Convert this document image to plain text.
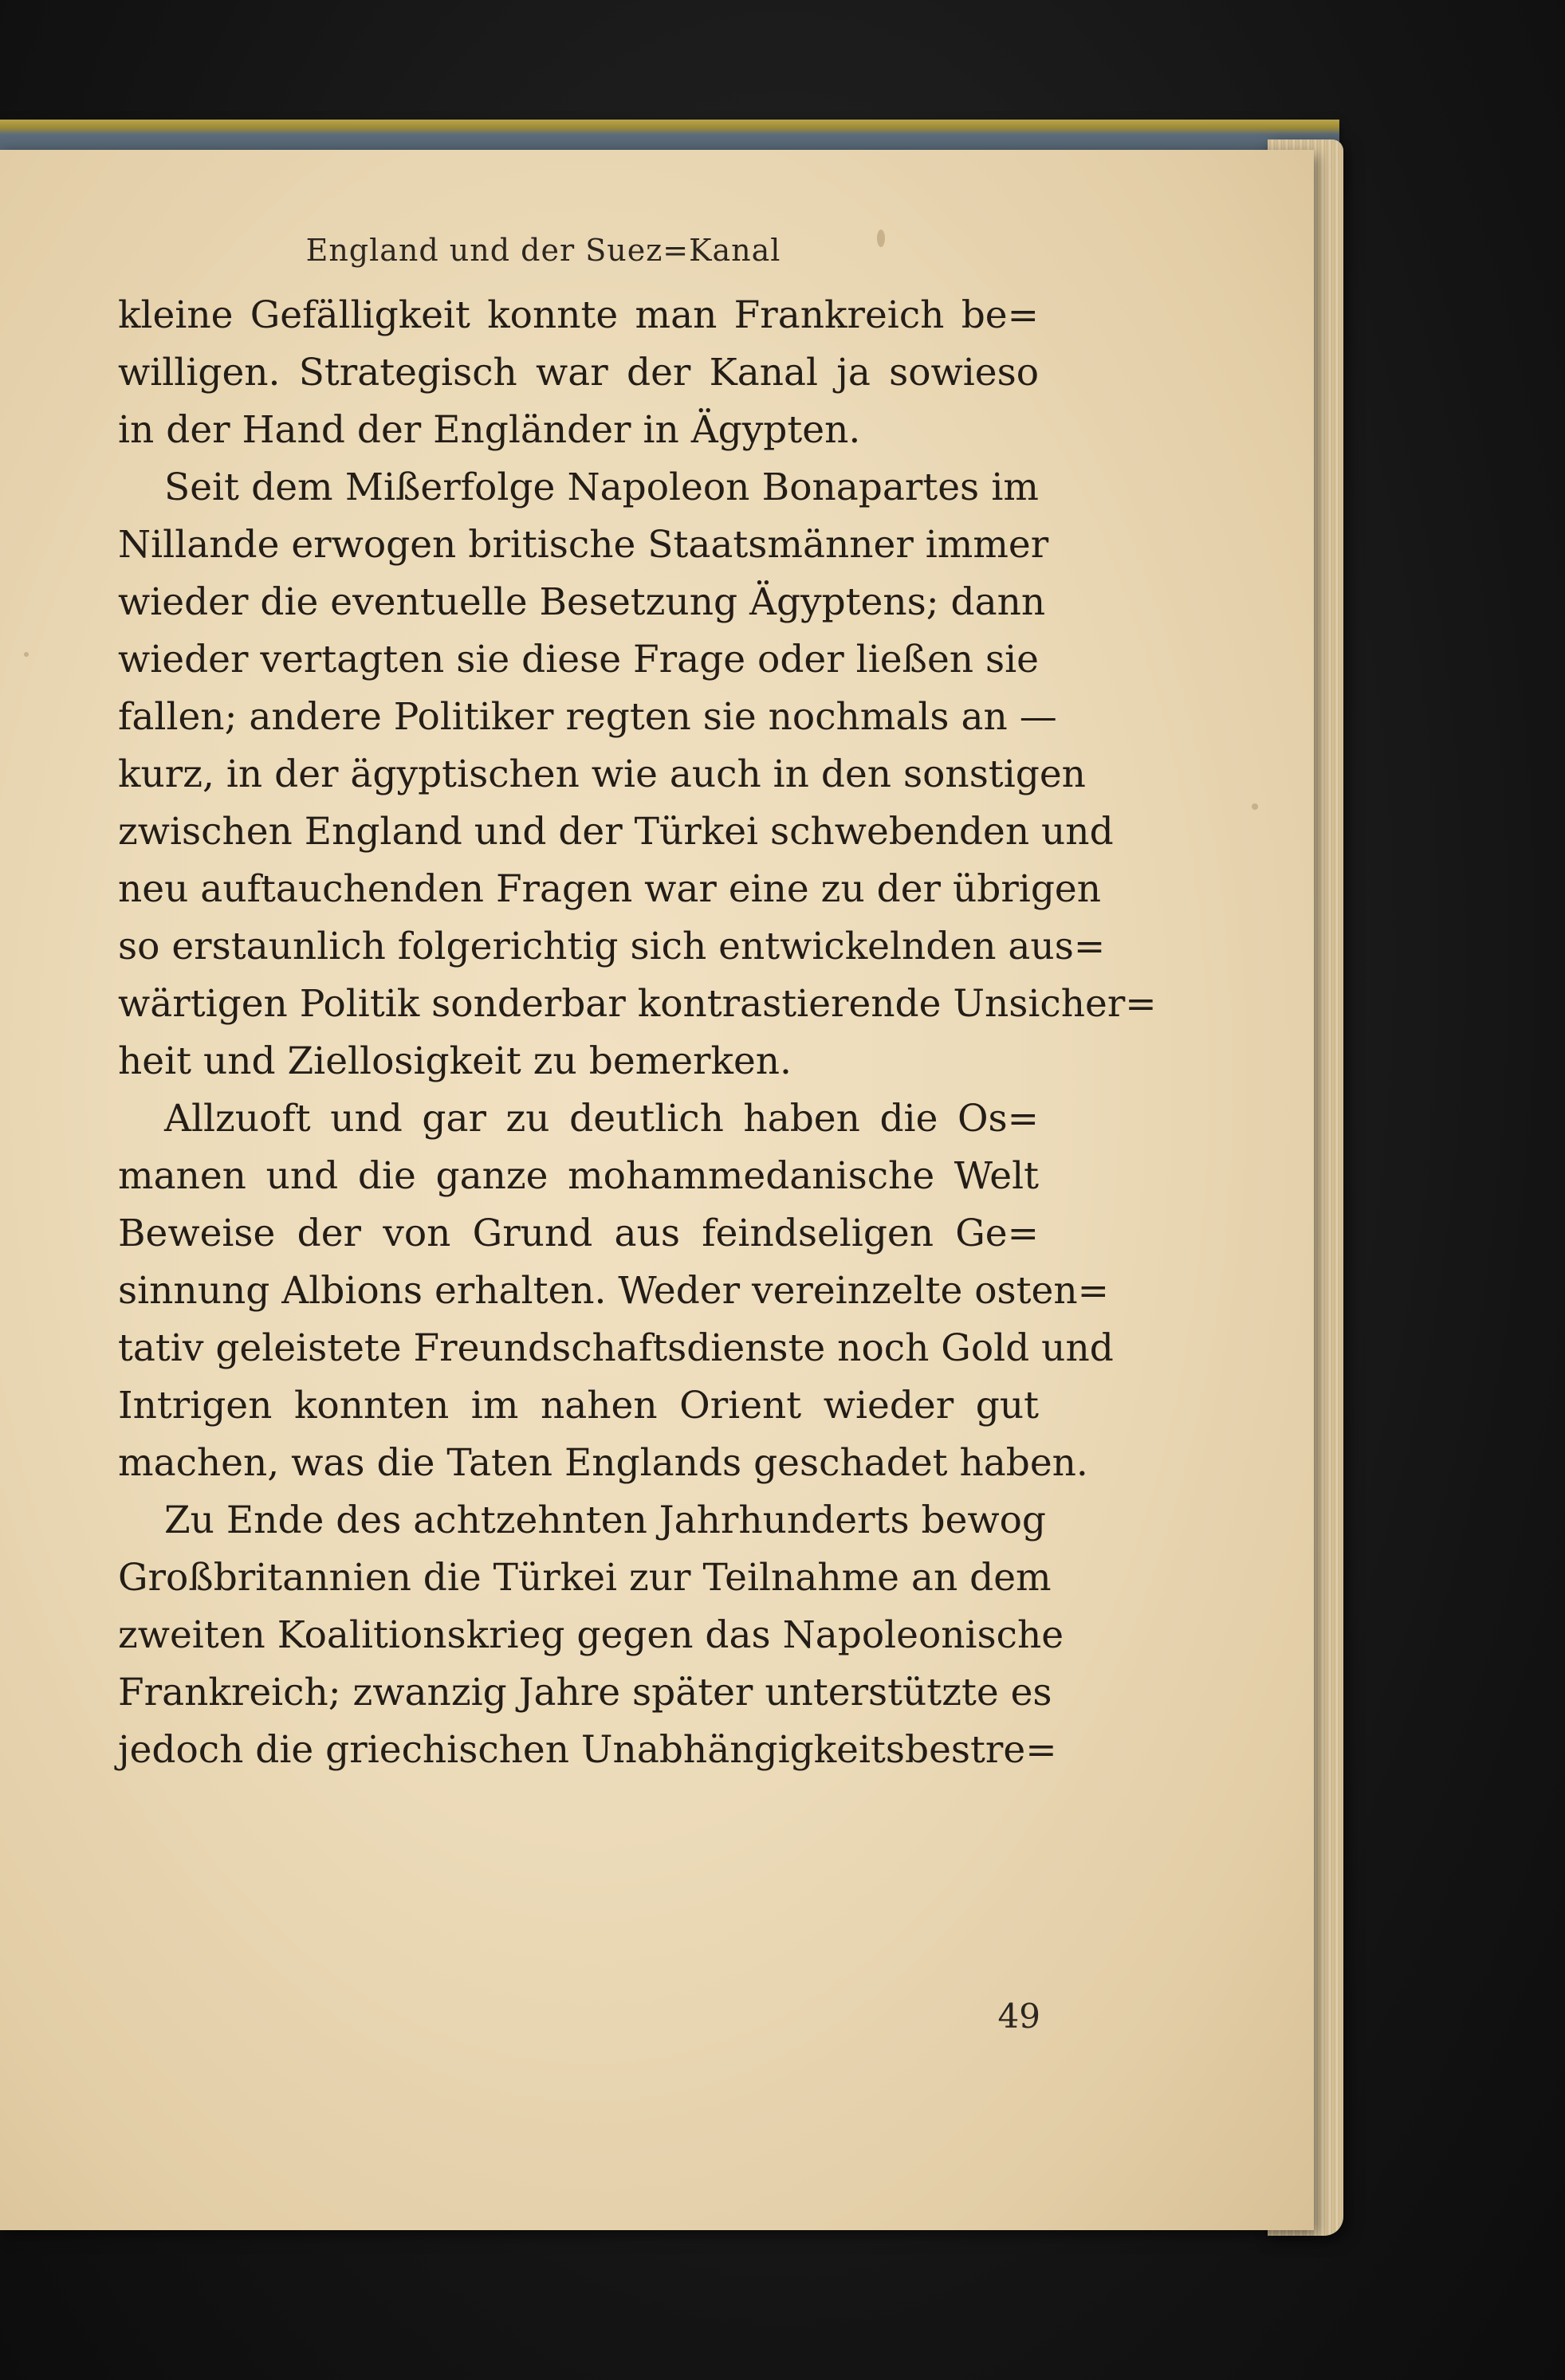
England und der Suez=Kanal
kleine Gefälligkeit konnte man Frankreich be=
willigen. Strategisch war der Kanal ja sowieso
in der Hand der Engländer in Ägypten.
Seit dem Mißerfolge Napoleon Bonapartes im
Nillande erwogen britische Staatsmänner immer
wieder die eventuelle Besetzung Ägyptens; dann
wieder vertagten sie diese Frage oder ließen sie
fallen; andere Politiker regten sie nochmals an —
kurz, in der ägyptischen wie auch in den sonstigen
zwischen England und der Türkei schwebenden und
neu auftauchenden Fragen war eine zu der übrigen
so erstaunlich folgerichtig sich entwickelnden aus=
wärtigen Politik sonderbar kontrastierende Unsicher=
heit und Ziellosigkeit zu bemerken.
Allzuoft und gar zu deutlich haben die Os=
manen und die ganze mohammedanische Welt
Beweise der von Grund aus feindseligen Ge=
sinnung Albions erhalten. Weder vereinzelte osten=
tativ geleistete Freundschaftsdienste noch Gold und
Intrigen konnten im nahen Orient wieder gut
machen, was die Taten Englands geschadet haben.
Zu Ende des achtzehnten Jahrhunderts bewog
Großbritannien die Türkei zur Teilnahme an dem
zweiten Koalitionskrieg gegen das Napoleonische
Frankreich; zwanzig Jahre später unterstützte es
jedoch die griechischen Unabhängigkeitsbestre=
49
